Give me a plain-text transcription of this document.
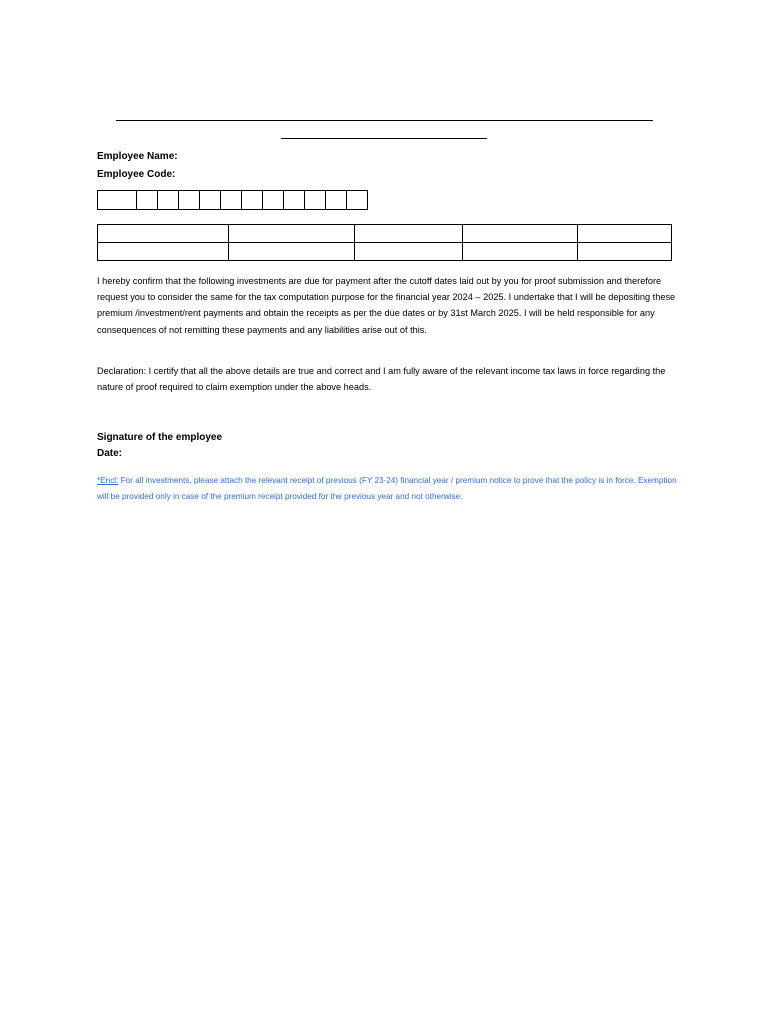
Employee Name:
Employee Code:

I hereby confirm that the following investments are due for payment after the cutoff dates laid out by you for proof submission and therefore request you to consider the same for the tax computation purpose for the financial year 2024 – 2025. I undertake that I will be depositing these premium /investment/rent payments and obtain the receipts as per the due dates or by 31st March 2025. I will be held responsible for any consequences of not remitting these payments and any liabilities arise out of this.
Declaration: I certify that all the above details are true and correct and I am fully aware of the relevant income tax laws in force regarding the nature of proof required to claim exemption under the above heads.
Signature of the employee
Date:
*Encl: For all investments, please attach the relevant receipt of previous (FY 23-24) financial year / premium notice to prove that the policy is in force. Exemption will be provided only in case of the premium receipt provided for the previous year and not otherwise.
